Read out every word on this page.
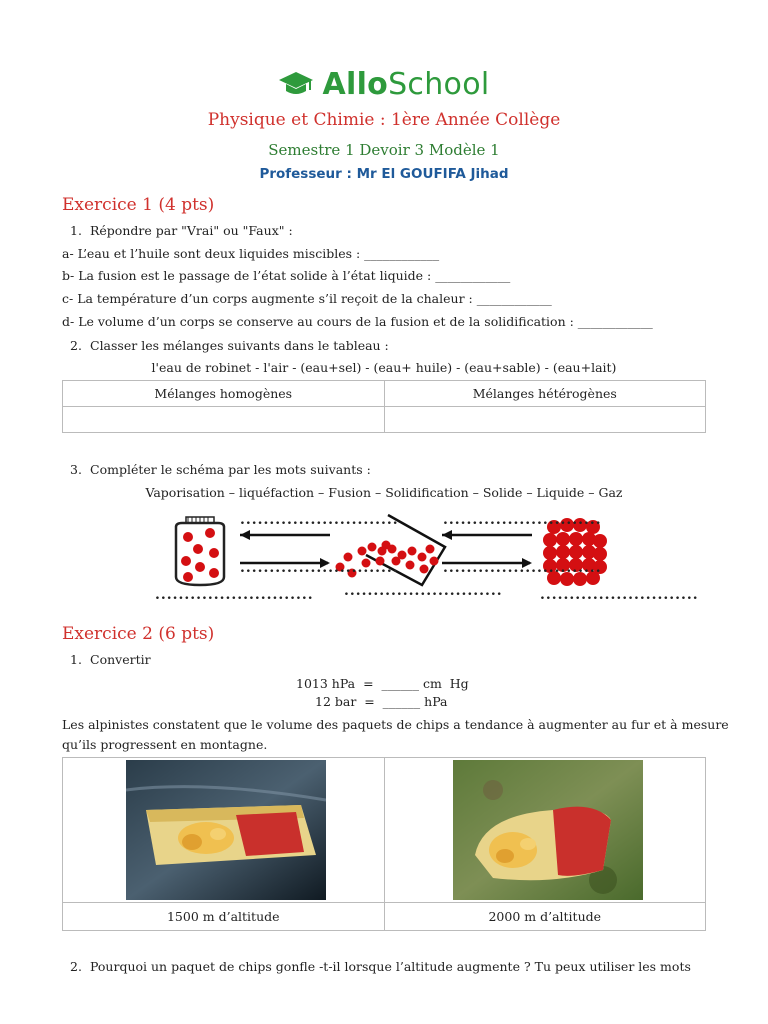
AlloSchool
Physique et Chimie : 1ère Année Collège
Semestre 1 Devoir 3 Modèle 1
Professeur : Mr El GOUFIFA Jihad
Exercice 1 (4 pts)
1. Répondre par "Vrai" ou "Faux" :
a- L’eau et l’huile sont deux liquides miscibles : ____________
b- La fusion est le passage de l’état solide à l’état liquide : ____________
c- La température d’un corps augmente s’il reçoit de la chaleur : ____________
d- Le volume d’un corps se conserve au cours de la fusion et de la solidification : ____________
2. Classer les mélanges suivants dans le tableau :
l'eau de robinet - l'air - (eau+sel) - (eau+ huile) - (eau+sable) - (eau+lait)
Mélanges homogènes	Mélanges hétérogènes

3. Compléter le schéma par les mots suivants :
Vaporisation – liquéfaction – Fusion – Solidification – Solide – Liquide – Gaz
...........................
...........................
...........................
...........................
........................... ...........................	...........................
Exercice 2 (6 pts)
1. Convertir
1013 hPa  =  ______ cm  Hg
12 bar  =  ______ hPa
Les alpinistes constatent que le volume des paquets de chips a tendance à augmenter au fur et à mesure
qu’ils progressent en montagne.

1500 m d’altitude	2000 m d’altitude
2. Pourquoi un paquet de chips gonfle -t-il lorsque l’altitude augmente ? Tu peux utiliser les mots
